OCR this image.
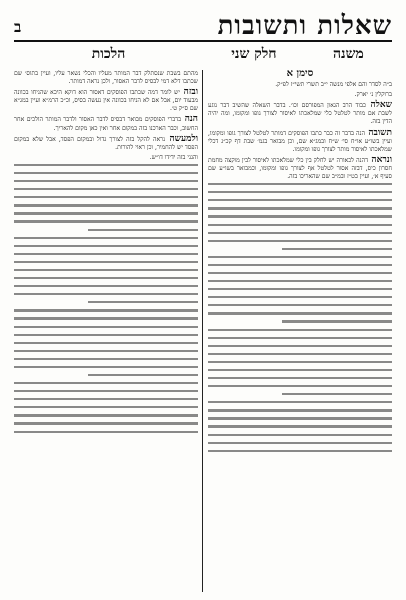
ב	שאלות ותשובות
משנה
חלק שני
הלכות
סימן א

ב״ה לסדר והם אלפי מנשה י״ב תשרי תשי״ז לפ״ק.

ברוקלין נ׳ יארק.

שאלה כבוד הרב הגאון המפורסם וכו׳. בדבר השאלה שהשיב דבר נוגע לשבת אם מותר לטלטל כלי שמלאכתו לאיסור לצורך גופו ומקומו, ומה יהיה הדין בזה.

תשובה הנה בדבר זה כבר כתבו הפוסקים דמותר לטלטל לצורך גופו ומקומו, ועיין בשו״ע או״ח סי׳ ש״ח ובמג״א שם, וכן מבואר בגמ׳ שבת דף קכ״ג דכלי שמלאכתו לאיסור מותר לצורך גופו ומקומו.

ונראה דהנה לכאורה יש לחלק בין כלי שמלאכתו לאיסור לבין מוקצה מחמת חסרון כיס, דבזה אסור לטלטל אף לצורך גופו ומקומו, וכמבואר בשו״ע שם סעיף א׳, ועיין בט״ז ובמ״ב שם שהאריכו בזה.

מהתם בשבת שנסתלק דבר המותר מעליו והכלי נשאר עליו, ועיין בתוס׳ שם שכתבו דלא דמי לבסיס לדבר האסור, ולכן נראה דמותר.

ובזה יש לומר דמה שכתבו הפוסקים דאסור הוא דוקא היכא שהניחו בכוונה מבעוד יום, אבל אם לא הניחו בכוונה אין נעשה בסיס, וכ״כ הרמ״א ועיין במג״א שם ס״ק ט׳.

הנה בדברי הפוסקים מבואר דבסיס לדבר האסור ולדבר המותר הולכים אחר החשוב, וכבר הארכנו בזה במקום אחר ואין כאן מקום להאריך.

ולמעשה נראה להקל בזה לצורך גדול ובמקום הפסד, אבל שלא במקום הפסד יש להחמיר, וכן ראוי להורות.

והנני בזה ידידו דו״ש.
